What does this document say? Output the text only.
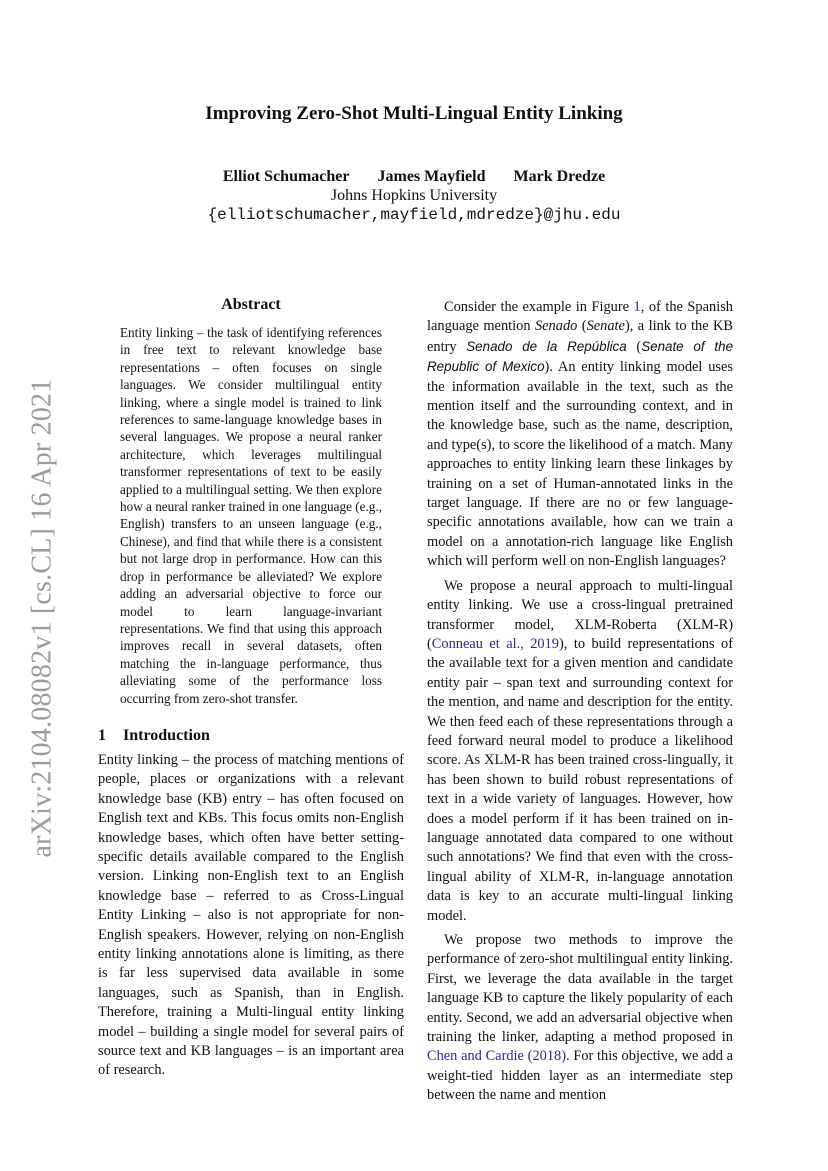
arXiv:2104.08082v1 [cs.CL] 16 Apr 2021
Improving Zero-Shot Multi-Lingual Entity Linking
Elliot Schumacher James Mayfield Mark Dredze
Johns Hopkins University
{elliotschumacher,mayfield,mdredze}@jhu.edu
Abstract

Entity linking – the task of identifying references in free text to relevant knowledge base representations – often focuses on single languages. We consider multilingual entity linking, where a single model is trained to link references to same-language knowledge bases in several languages. We propose a neural ranker architecture, which leverages multilingual transformer representations of text to be easily applied to a multilingual setting. We then explore how a neural ranker trained in one language (e.g., English) transfers to an unseen language (e.g., Chinese), and find that while there is a consistent but not large drop in performance. How can this drop in performance be alleviated? We explore adding an adversarial objective to force our model to learn language-invariant representations. We find that using this approach improves recall in several datasets, often matching the in-language performance, thus alleviating some of the performance loss occurring from zero-shot transfer.

1 Introduction

Entity linking – the process of matching mentions of people, places or organizations with a relevant knowledge base (KB) entry – has often focused on English text and KBs. This focus omits non-English knowledge bases, which often have better setting-specific details available compared to the English version. Linking non-English text to an English knowledge base – referred to as Cross-Lingual Entity Linking – also is not appropriate for non-English speakers. However, relying on non-English entity linking annotations alone is limiting, as there is far less supervised data available in some languages, such as Spanish, than in English. Therefore, training a Multi-lingual entity linking model – building a single model for several pairs of source text and KB languages – is an important area of research.

Consider the example in Figure 1, of the Spanish language mention Senado (Senate), a link to the KB entry Senado de la República (Senate of the Republic of Mexico). An entity linking model uses the information available in the text, such as the mention itself and the surrounding context, and in the knowledge base, such as the name, description, and type(s), to score the likelihood of a match. Many approaches to entity linking learn these linkages by training on a set of Human-annotated links in the target language. If there are no or few language-specific annotations available, how can we train a model on a annotation-rich language like English which will perform well on non-English languages?

We propose a neural approach to multi-lingual entity linking. We use a cross-lingual pretrained transformer model, XLM-Roberta (XLM-R) (Conneau et al., 2019), to build representations of the available text for a given mention and candidate entity pair – span text and surrounding context for the mention, and name and description for the entity. We then feed each of these representations through a feed forward neural model to produce a likelihood score. As XLM-R has been trained cross-lingually, it has been shown to build robust representations of text in a wide variety of languages. However, how does a model perform if it has been trained on in-language annotated data compared to one without such annotations? We find that even with the cross-lingual ability of XLM-R, in-language annotation data is key to an accurate multi-lingual linking model.

We propose two methods to improve the performance of zero-shot multilingual entity linking. First, we leverage the data available in the target language KB to capture the likely popularity of each entity. Second, we add an adversarial objective when training the linker, adapting a method proposed in Chen and Cardie (2018). For this objective, we add a weight-tied hidden layer as an intermediate step between the name and mention
